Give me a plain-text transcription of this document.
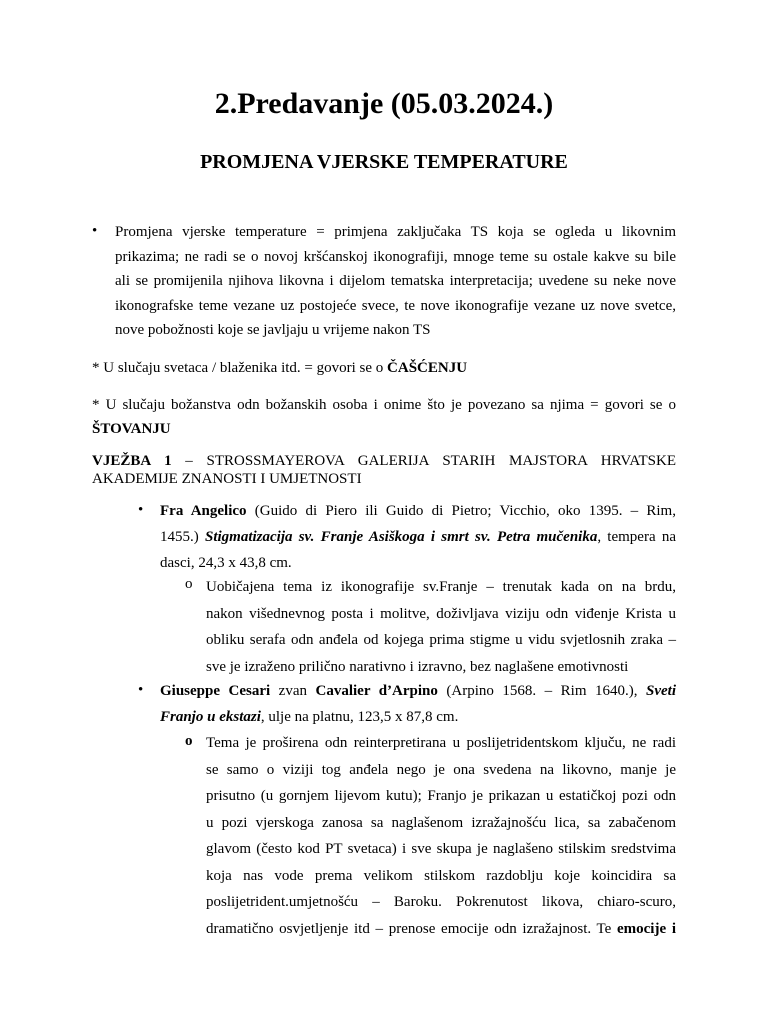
2.Predavanje (05.03.2024.)
PROMJENA VJERSKE TEMPERATURE
• Promjena vjerske temperature = primjena zaključaka TS koja se ogleda u likovnim
prikazima; ne radi se o novoj kršćanskoj ikonografiji, mnoge teme su ostale kakve su bile
ali se promijenila njihova likovna i dijelom tematska interpretacija; uvedene su neke nove
ikonografske teme vezane uz postojeće svece, te nove ikonografije vezane uz nove svetce,
nove pobožnosti koje se javljaju u vrijeme nakon TS
* U slučaju svetaca / blaženika itd. = govori se o ČAŠĆENJU
* U slučaju božanstva odn božanskih osoba i onime što je povezano sa njima = govori se o
ŠTOVANJU
VJEŽBA 1 – STROSSMAYEROVA GALERIJA STARIH MAJSTORA HRVATSKE
AKADEMIJE ZNANOSTI I UMJETNOSTI
• Fra Angelico (Guido di Piero ili Guido di Pietro; Vicchio, oko 1395. – Rim,
1455.) Stigmatizacija sv. Franje Asiškoga i smrt sv. Petra mučenika, tempera na
dasci, 24,3 x 43,8 cm.
o Uobičajena tema iz ikonografije sv.Franje – trenutak kada on na brdu,
nakon višednevnog posta i molitve, doživljava viziju odn viđenje Krista u
obliku serafa odn anđela od kojega prima stigme u vidu svjetlosnih zraka –
sve je izraženo prilično narativno i izravno, bez naglašene emotivnosti
• Giuseppe Cesari zvan Cavalier d’Arpino (Arpino 1568. – Rim 1640.), Sveti
Franjo u ekstazi, ulje na platnu, 123,5 x 87,8 cm.
o Tema je proširena odn reinterpretirana u poslijetridentskom ključu, ne radi
se samo o viziji tog anđela nego je ona svedena na likovno, manje je
prisutno (u gornjem lijevom kutu); Franjo je prikazan u estatičkoj pozi odn
u pozi vjerskoga zanosa sa naglašenom izražajnošću lica, sa zabačenom
glavom (često kod PT svetaca) i sve skupa je naglašeno stilskim sredstvima
koja nas vode prema velikom stilskom razdoblju koje koincidira sa
poslijetrident.umjetnošću – Baroku. Pokrenutost likova, chiaro-scuro,
dramatično osvjetljenje itd – prenose emocije odn izražajnost. Te emocije i
